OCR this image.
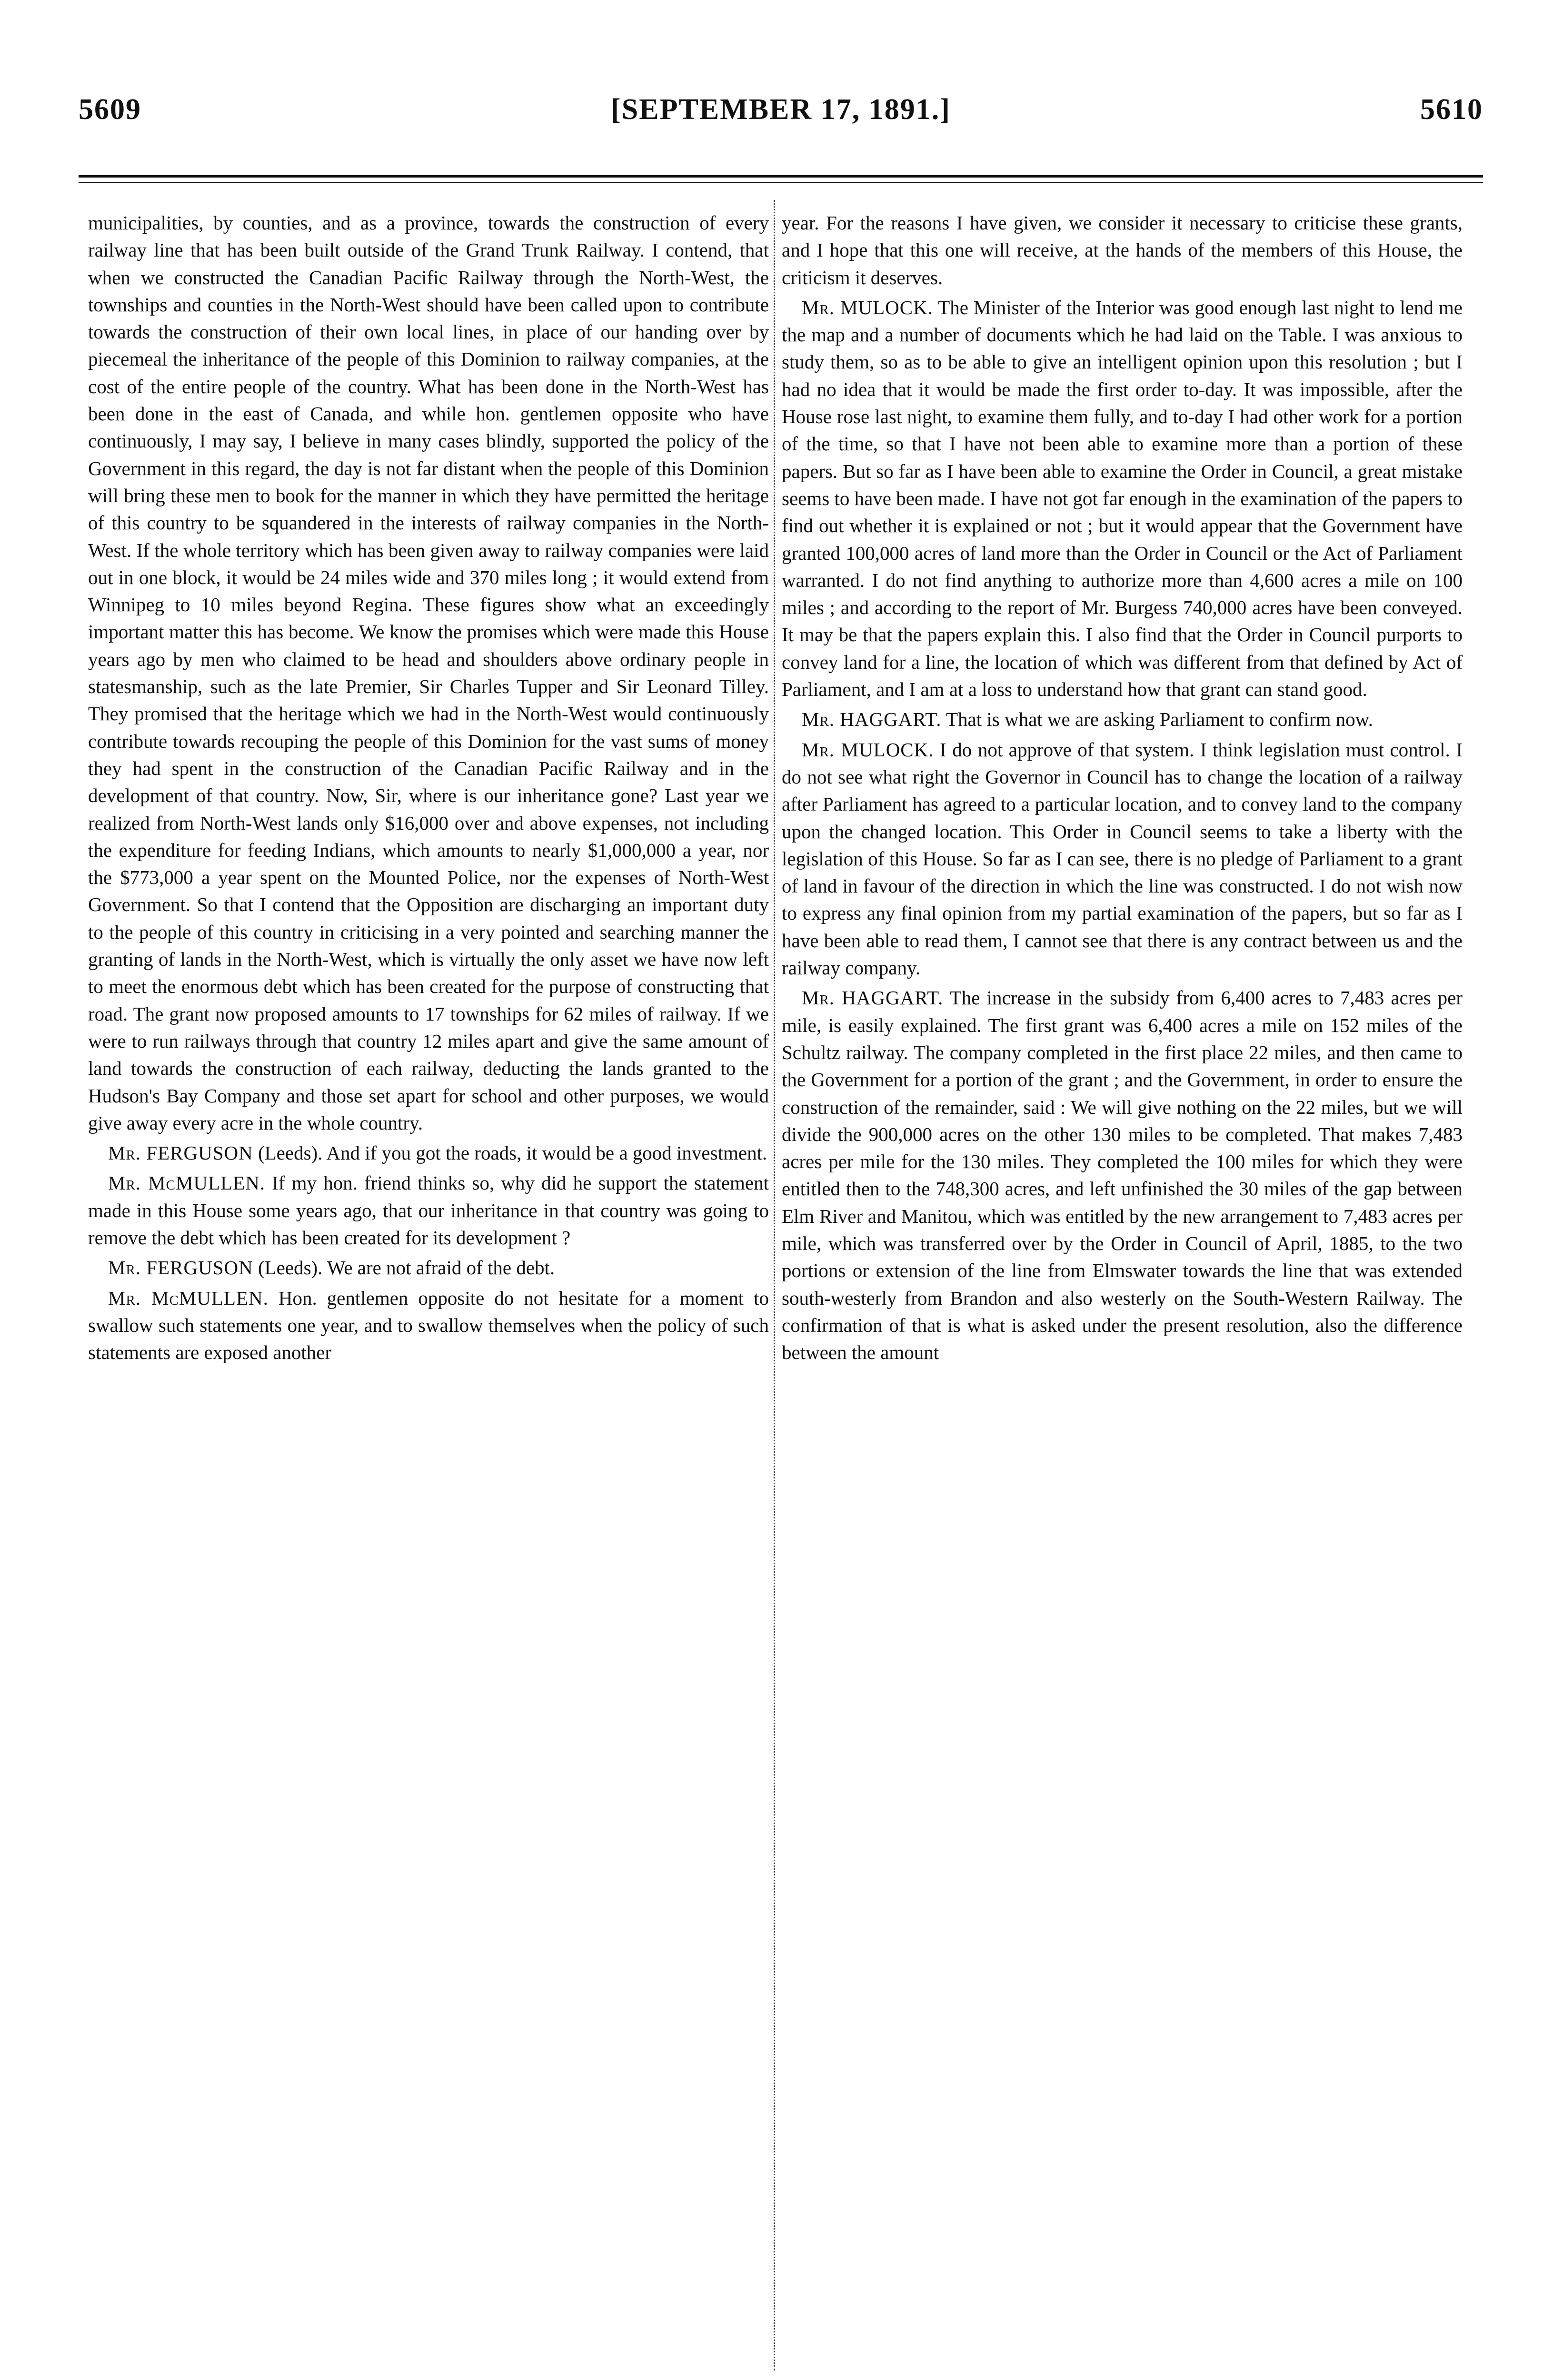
5609	[SEPTEMBER 17, 1891.]	5610

municipalities, by counties, and as a province, towards the construction of every railway line that has been built outside of the Grand Trunk Railway. I contend, that when we constructed the Canadian Pacific Railway through the North-West, the townships and counties in the North-West should have been called upon to contribute towards the construction of their own local lines, in place of our handing over by piecemeal the inheritance of the people of this Dominion to railway companies, at the cost of the entire people of the country. What has been done in the North-West has been done in the east of Canada, and while hon. gentlemen opposite who have continuously, I may say, I believe in many cases blindly, supported the policy of the Government in this regard, the day is not far distant when the people of this Dominion will bring these men to book for the manner in which they have permitted the heritage of this country to be squandered in the interests of railway companies in the North-West. If the whole territory which has been given away to railway companies were laid out in one block, it would be 24 miles wide and 370 miles long ; it would extend from Winnipeg to 10 miles beyond Regina. These figures show what an exceedingly important matter this has become. We know the promises which were made this House years ago by men who claimed to be head and shoulders above ordinary people in statesmanship, such as the late Premier, Sir Charles Tupper and Sir Leonard Tilley. They promised that the heritage which we had in the North-West would continuously contribute towards recouping the people of this Dominion for the vast sums of money they had spent in the construction of the Canadian Pacific Railway and in the development of that country. Now, Sir, where is our inheritance gone? Last year we realized from North-West lands only $16,000 over and above expenses, not including the expenditure for feeding Indians, which amounts to nearly $1,000,000 a year, nor the $773,000 a year spent on the Mounted Police, nor the expenses of North-West Government. So that I contend that the Opposition are discharging an important duty to the people of this country in criticising in a very pointed and searching manner the granting of lands in the North-West, which is virtually the only asset we have now left to meet the enormous debt which has been created for the purpose of constructing that road. The grant now proposed amounts to 17 townships for 62 miles of railway. If we were to run railways through that country 12 miles apart and give the same amount of land towards the construction of each railway, deducting the lands granted to the Hudson's Bay Company and those set apart for school and other purposes, we would give away every acre in the whole country.

Mr. FERGUSON (Leeds). And if you got the roads, it would be a good investment.

Mr. McMULLEN. If my hon. friend thinks so, why did he support the statement made in this House some years ago, that our inheritance in that country was going to remove the debt which has been created for its development ?

Mr. FERGUSON (Leeds). We are not afraid of the debt.

Mr. McMULLEN. Hon. gentlemen opposite do not hesitate for a moment to swallow such statements one year, and to swallow themselves when the policy of such statements are exposed another

year. For the reasons I have given, we consider it necessary to criticise these grants, and I hope that this one will receive, at the hands of the members of this House, the criticism it deserves.

Mr. MULOCK. The Minister of the Interior was good enough last night to lend me the map and a number of documents which he had laid on the Table. I was anxious to study them, so as to be able to give an intelligent opinion upon this resolution ; but I had no idea that it would be made the first order to-day. It was impossible, after the House rose last night, to examine them fully, and to-day I had other work for a portion of the time, so that I have not been able to examine more than a portion of these papers. But so far as I have been able to examine the Order in Council, a great mistake seems to have been made. I have not got far enough in the examination of the papers to find out whether it is explained or not ; but it would appear that the Government have granted 100,000 acres of land more than the Order in Council or the Act of Parliament warranted. I do not find anything to authorize more than 4,600 acres a mile on 100 miles ; and according to the report of Mr. Burgess 740,000 acres have been conveyed. It may be that the papers explain this. I also find that the Order in Council purports to convey land for a line, the location of which was different from that defined by Act of Parliament, and I am at a loss to understand how that grant can stand good.

Mr. HAGGART. That is what we are asking Parliament to confirm now.

Mr. MULOCK. I do not approve of that system. I think legislation must control. I do not see what right the Governor in Council has to change the location of a railway after Parliament has agreed to a particular location, and to convey land to the company upon the changed location. This Order in Council seems to take a liberty with the legislation of this House. So far as I can see, there is no pledge of Parliament to a grant of land in favour of the direction in which the line was constructed. I do not wish now to express any final opinion from my partial examination of the papers, but so far as I have been able to read them, I cannot see that there is any contract between us and the railway company.

Mr. HAGGART. The increase in the subsidy from 6,400 acres to 7,483 acres per mile, is easily explained. The first grant was 6,400 acres a mile on 152 miles of the Schultz railway. The company completed in the first place 22 miles, and then came to the Government for a portion of the grant ; and the Government, in order to ensure the construction of the remainder, said : We will give nothing on the 22 miles, but we will divide the 900,000 acres on the other 130 miles to be completed. That makes 7,483 acres per mile for the 130 miles. They completed the 100 miles for which they were entitled then to the 748,300 acres, and left unfinished the 30 miles of the gap between Elm River and Manitou, which was entitled by the new arrangement to 7,483 acres per mile, which was transferred over by the Order in Council of April, 1885, to the two portions or extension of the line from Elmswater towards the line that was extended south-westerly from Brandon and also westerly on the South-Western Railway. The confirmation of that is what is asked under the present resolution, also the difference between the amount
